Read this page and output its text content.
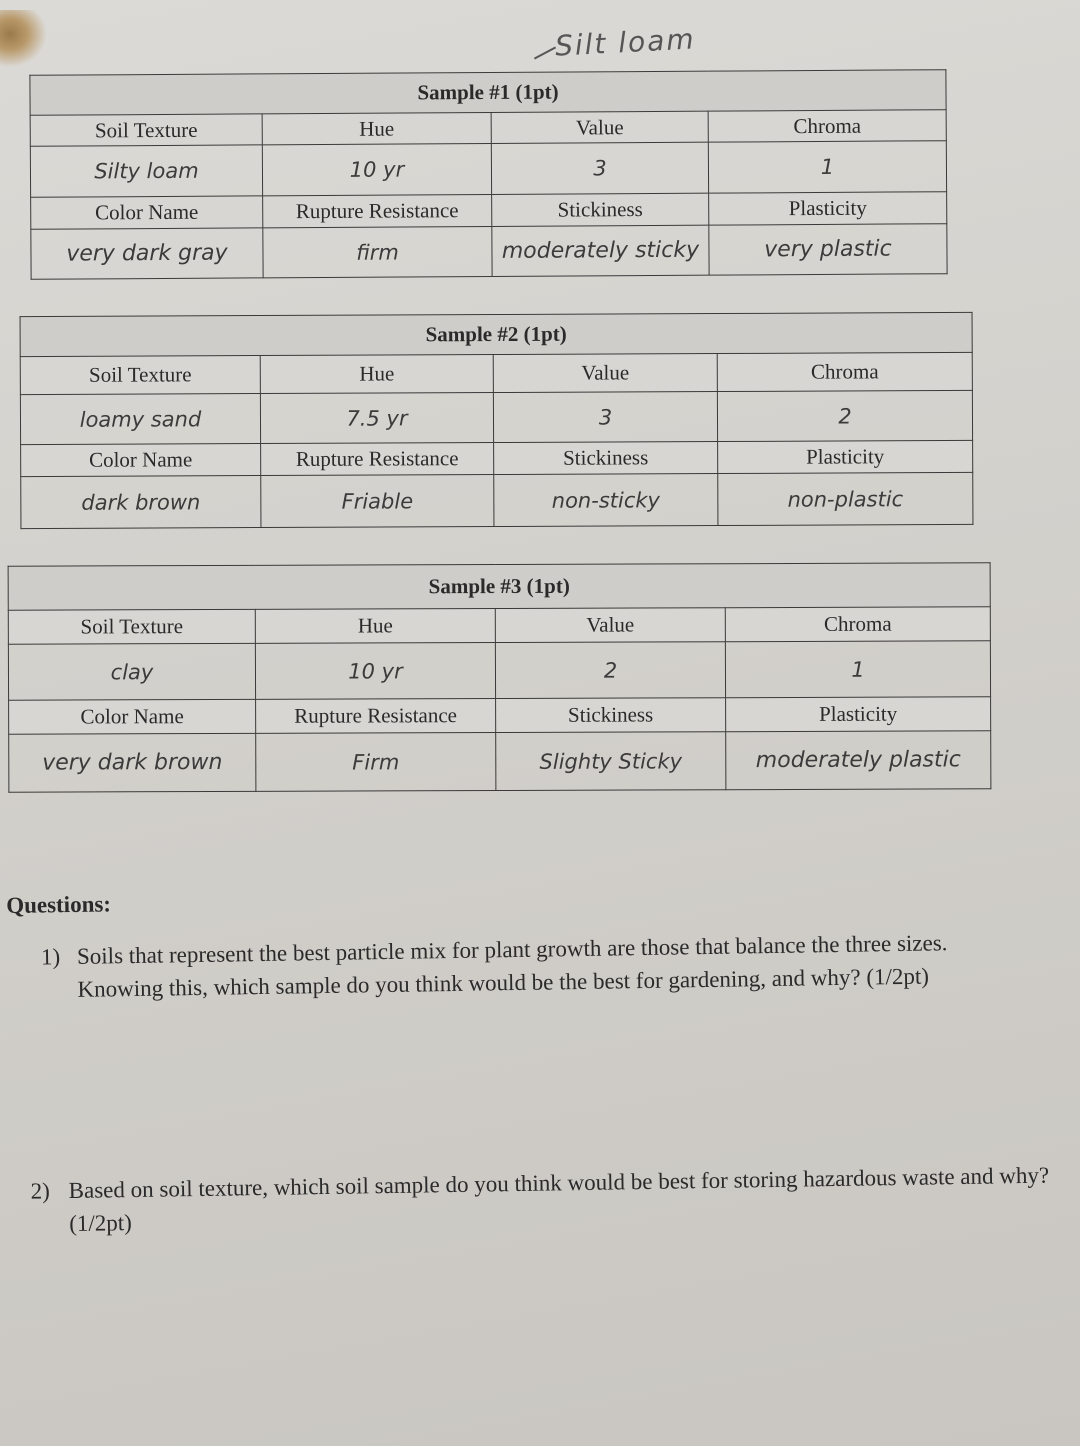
Silt loam
Sample #1 (1pt)			
Soil Texture	Hue	Value	Chroma
Silty loam	10 yr	3	1
Color Name	Rupture Resistance	Stickiness	Plasticity
very dark gray	firm	moderately sticky	very plastic
Sample #2 (1pt)			
Soil Texture	Hue	Value	Chroma
loamy sand	7.5 yr	3	2
Color Name	Rupture Resistance	Stickiness	Plasticity
dark brown	Friable	non-sticky	non-plastic
Sample #3 (1pt)			
Soil Texture	Hue	Value	Chroma
clay	10 yr	2	1
Color Name	Rupture Resistance	Stickiness	Plasticity
very dark brown	Firm	Slighty Sticky	moderately plastic
Questions:
1) Soils that represent the best particle mix for plant growth are those that balance the three sizes. Knowing this, which sample do you think would be the best for gardening, and why? (1/2pt)
2) Based on soil texture, which soil sample do you think would be best for storing hazardous waste and why? (1/2pt)
